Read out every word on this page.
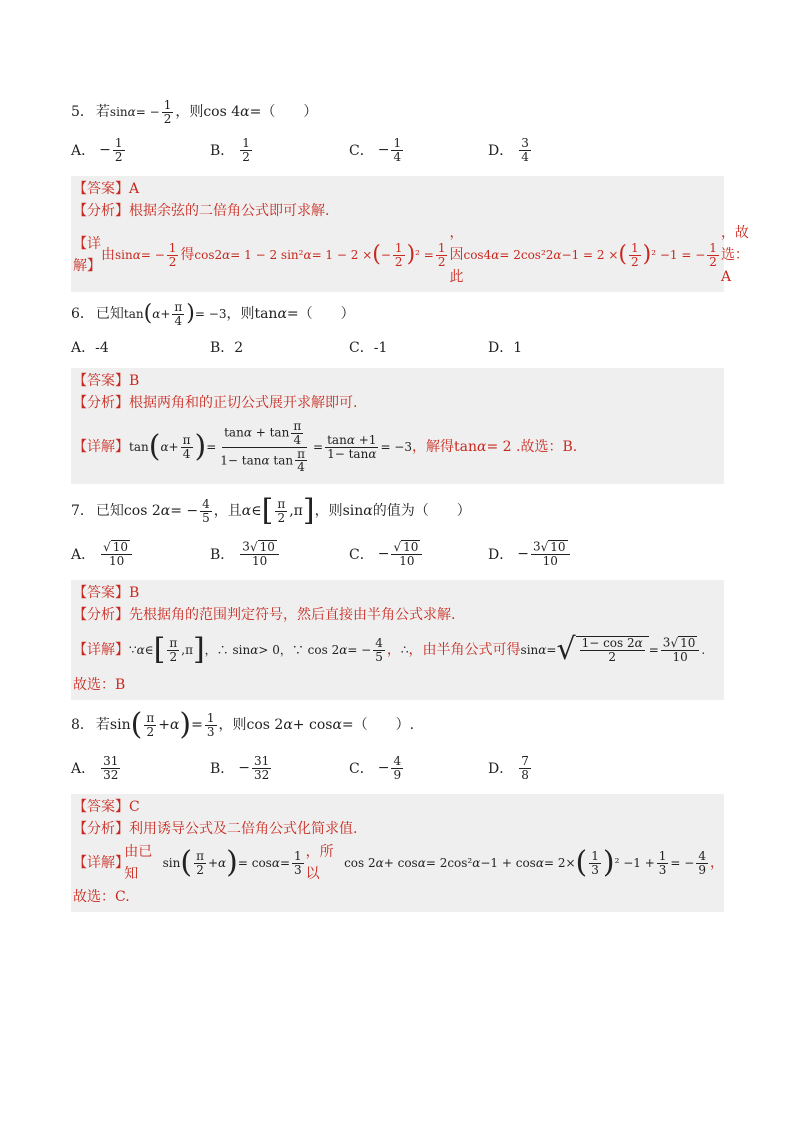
5． 若 sin α = − $\frac{1}{2}$ ，则 cos 4 α = （　　）
A． − $\frac{1}{2}$	B． $\frac{1}{2}$	C． − $\frac{1}{4}$	D． $\frac{3}{4}$
【答案】 A
【分析】 根据余弦的二倍角公式即可求解.
【详解】
由 sin α = − $\frac{1}{2}$ 得 cos2 α = 1 − 2 sin² α = 1 − 2 × ( − $\frac{1}{2}$ ) $^2 = \frac{1}{2}$
，因此
cos4 α = 2cos²2 α −1 = 2 × ( $\frac{1}{2}$ ) ² −1 = − $\frac{1}{2}$
，故选：A
6． 已知 tan ( $\alpha + \frac{\pi}{4}$ ) = −3 ，则 tan α = （　　）
A．-4	B．2	C．-1	D．1
【答案】 B
【分析】 根据两角和的正切公式展开求解即可.
【详解】 tan ( $\alpha + \frac{\pi}{4}$ ) = $\frac{\tan\alpha + \tan \frac{\pi}{4}}{1- \tan\alpha \tan \frac{\pi}{4}} = \frac{\tan\alpha +1}{1- \tan\alpha} = -3$ ，解得 tan α = 2 . 故选：B.
7． 已知 cos 2 α = − $\frac{4}{5}$ ，且 α ∈ [ $\frac{\pi}{2} ,\pi$ ] ，则 sin α 的值为（　　）
A． $\frac{√ 10}{10}$	B． $\frac{3√ 10}{10}$	C． − $\frac{√ 10}{10}$	D． − $\frac{3√ 10}{10}$
【答案】 B
【分析】 先根据角的范围判定符号，然后直接由半角公式求解.
【详解】 ∵ α ∈ [ $\frac{\pi}{2} ,\pi$ ] ，∴ sin α > 0，∵ cos 2 α = − $\frac{4}{5}$ ， ∴ ，由半角公式可得 sin α = √ $\frac{1- \cos 2\alpha}{2} = \frac{3√ 10}{10}$ .
故选：B
8． 若 sin ( $\frac{\pi}{2} + \alpha$ ) = $\frac{1}{3}$ ，则 cos 2 α + cos α = （　　）.
A． $\frac{31}{32}$	B． − $\frac{31}{32}$	C． − $\frac{4}{9}$	D． $\frac{7}{8}$
【答案】 C
【分析】 利用诱导公式及二倍角公式化简求值.
【详解】
由已知
sin ( $\frac{\pi}{2} + \alpha$ ) = $\cos \alpha = \frac{1}{3}$ ，所以
cos 2 α + cos α = 2cos² α −1 + cos α = 2× ( $\frac{1}{3}$ ) $^2 -1 + \frac{1}{3}$ = − $\frac{4}{9}$ ，
故选：C.
